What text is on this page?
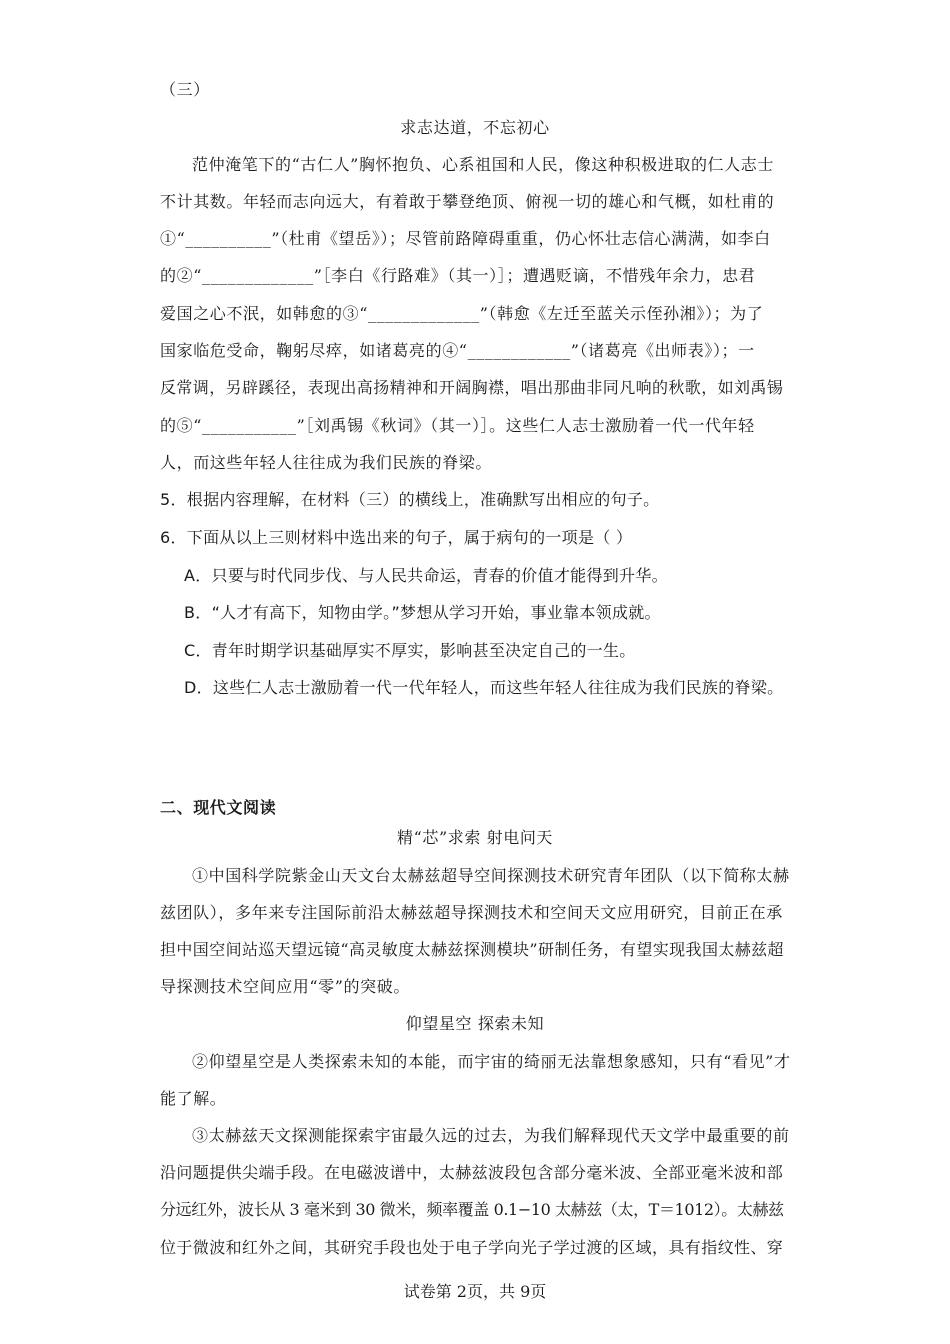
（三）
求志达道，不忘初心
范仲淹笔下的“古仁人”胸怀抱负、心系祖国和人民，像这种积极进取的仁人志士
不计其数。年轻而志向远大，有着敢于攀登绝顶、俯视一切的雄心和气概，如杜甫的
①“__________”（杜甫《望岳》）；尽管前路障碍重重，仍心怀壮志信心满满，如李白
的②“_____________”［李白《行路难》（其一）］；遭遇贬谪，不惜残年余力，忠君
爱国之心不泯，如韩愈的③“_____________”（韩愈《左迁至蓝关示侄孙湘》）；为了
国家临危受命，鞠躬尽瘁，如诸葛亮的④“____________”（诸葛亮《出师表》）；一
反常调，另辟蹊径，表现出高扬精神和开阔胸襟，唱出那曲非同凡响的秋歌，如刘禹锡
的⑤“___________”［刘禹锡《秋词》（其一）］。这些仁人志士激励着一代一代年轻
人，而这些年轻人往往成为我们民族的脊梁。
5．根据内容理解，在材料（三）的横线上，准确默写出相应的句子。
6．下面从以上三则材料中选出来的句子，属于病句的一项是（ ）
A．只要与时代同步伐、与人民共命运，青春的价值才能得到升华。
B．“人才有高下，知物由学。”梦想从学习开始，事业靠本领成就。
C．青年时期学识基础厚实不厚实，影响甚至决定自己的一生。
D．这些仁人志士激励着一代一代年轻人，而这些年轻人往往成为我们民族的脊梁。
二、现代文阅读
精“芯”求索 射电问天
①中国科学院紫金山天文台太赫兹超导空间探测技术研究青年团队（以下简称太赫
兹团队），多年来专注国际前沿太赫兹超导探测技术和空间天文应用研究，目前正在承
担中国空间站巡天望远镜“高灵敏度太赫兹探测模块”研制任务，有望实现我国太赫兹超
导探测技术空间应用“零”的突破。
仰望星空 探索未知
②仰望星空是人类探索未知的本能，而宇宙的绮丽无法靠想象感知，只有“看见”才
能了解。
③太赫兹天文探测能探索宇宙最久远的过去，为我们解释现代天文学中最重要的前
沿问题提供尖端手段。在电磁波谱中，太赫兹波段包含部分毫米波、全部亚毫米波和部
分远红外，波长从 3 毫米到 30 微米，频率覆盖 0.1−10 太赫兹（太，T＝1012）。太赫兹
位于微波和红外之间，其研究手段也处于电子学向光子学过渡的区域，具有指纹性、穿
试卷第 2页，共 9页
